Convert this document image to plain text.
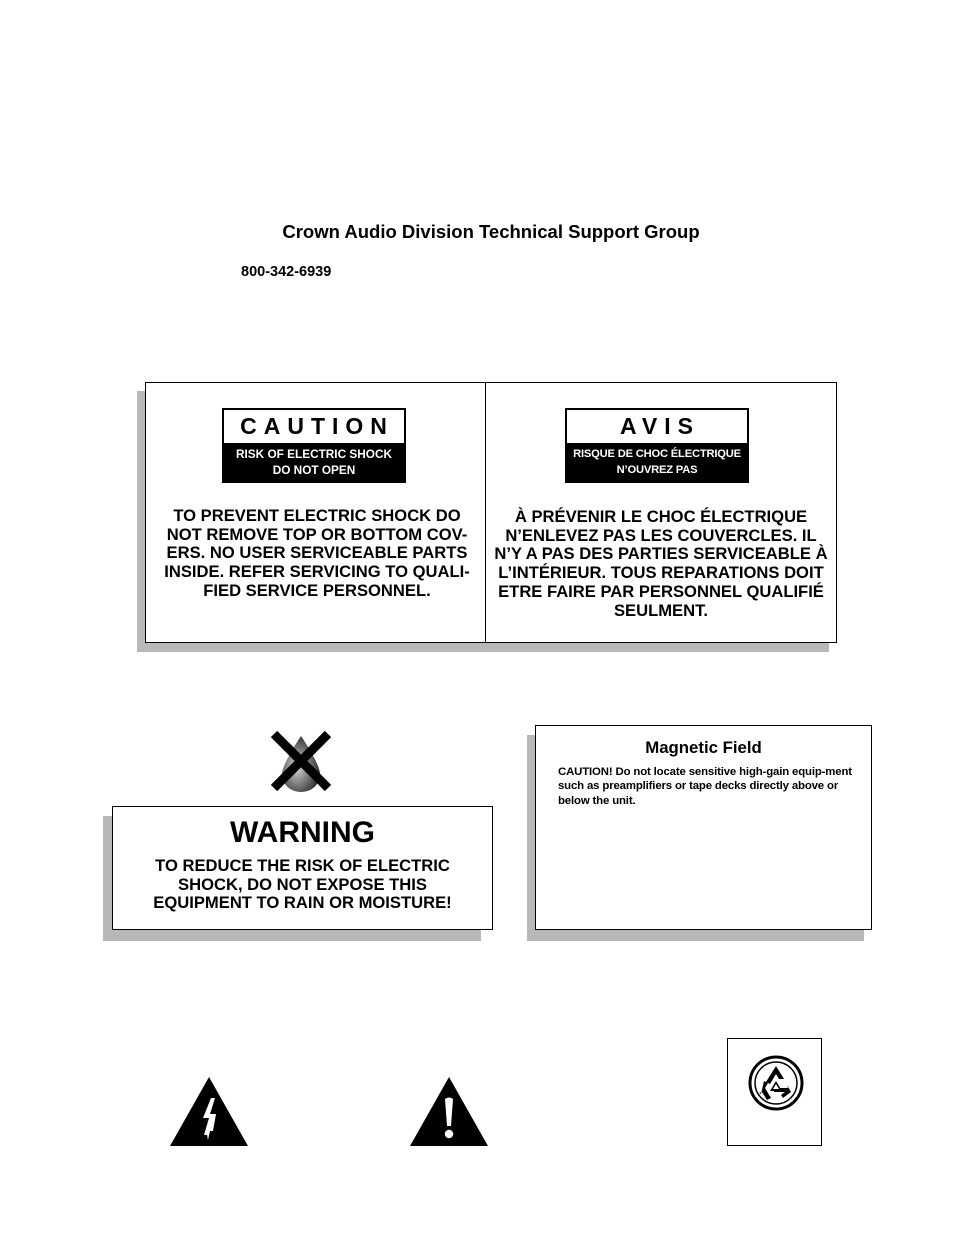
Crown Audio Division Technical Support Group
800-342-6939
CAUTION
RISK OF ELECTRIC SHOCK
DO NOT OPEN
TO PREVENT ELECTRIC SHOCK DO NOT REMOVE TOP OR BOTTOM COV-ERS. NO USER SERVICEABLE PARTS INSIDE. REFER SERVICING TO QUALI-FIED SERVICE PERSONNEL.
AVIS
RISQUE DE CHOC ÉLECTRIQUE
N’OUVREZ PAS
À PRÉVENIR LE CHOC ÉLECTRIQUE N’ENLEVEZ PAS LES COUVERCLES. IL N’Y A PAS DES PARTIES SERVICEABLE À L’INTÉRIEUR. TOUS REPARATIONS DOIT ETRE FAIRE PAR PERSONNEL QUALIFIÉ SEULMENT.
WARNING
TO REDUCE THE RISK OF ELECTRIC SHOCK, DO NOT EXPOSE THIS EQUIPMENT TO RAIN OR MOISTURE!
Magnetic Field
CAUTION! Do not locate sensitive high-gain equip-ment such as preamplifiers or tape decks directly above or below the unit.
